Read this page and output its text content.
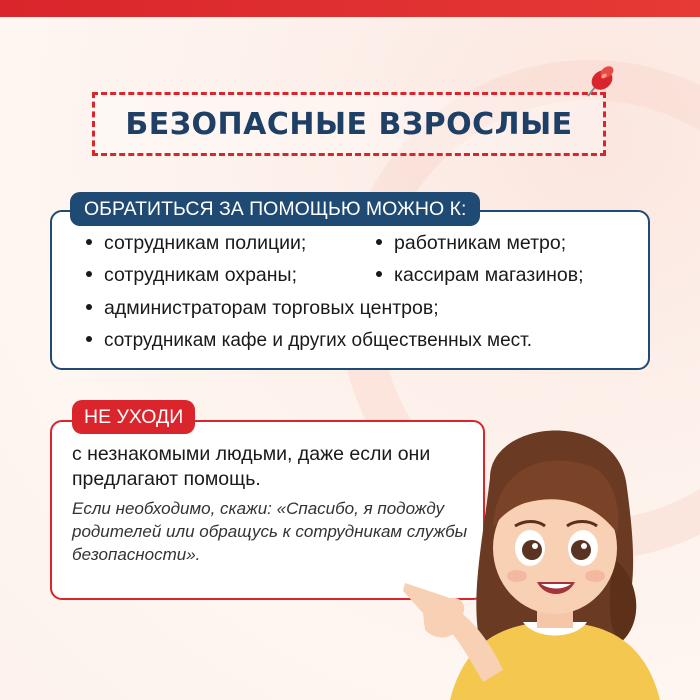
БЕЗОПАСНЫЕ ВЗРОСЛЫЕ
ОБРАТИТЬСЯ ЗА ПОМОЩЬЮ МОЖНО К:
сотрудникам полиции;	работникам метро;
сотрудникам охраны;	кассирам магазинов;
администраторам торговых центров;
сотрудникам кафе и других общественных мест.
НЕ УХОДИ
с незнакомыми людьми, даже если они предлагают помощь.
Если необходимо, скажи: «Спасибо, я подожду родителей или обращусь к сотрудникам службы безопасности».
